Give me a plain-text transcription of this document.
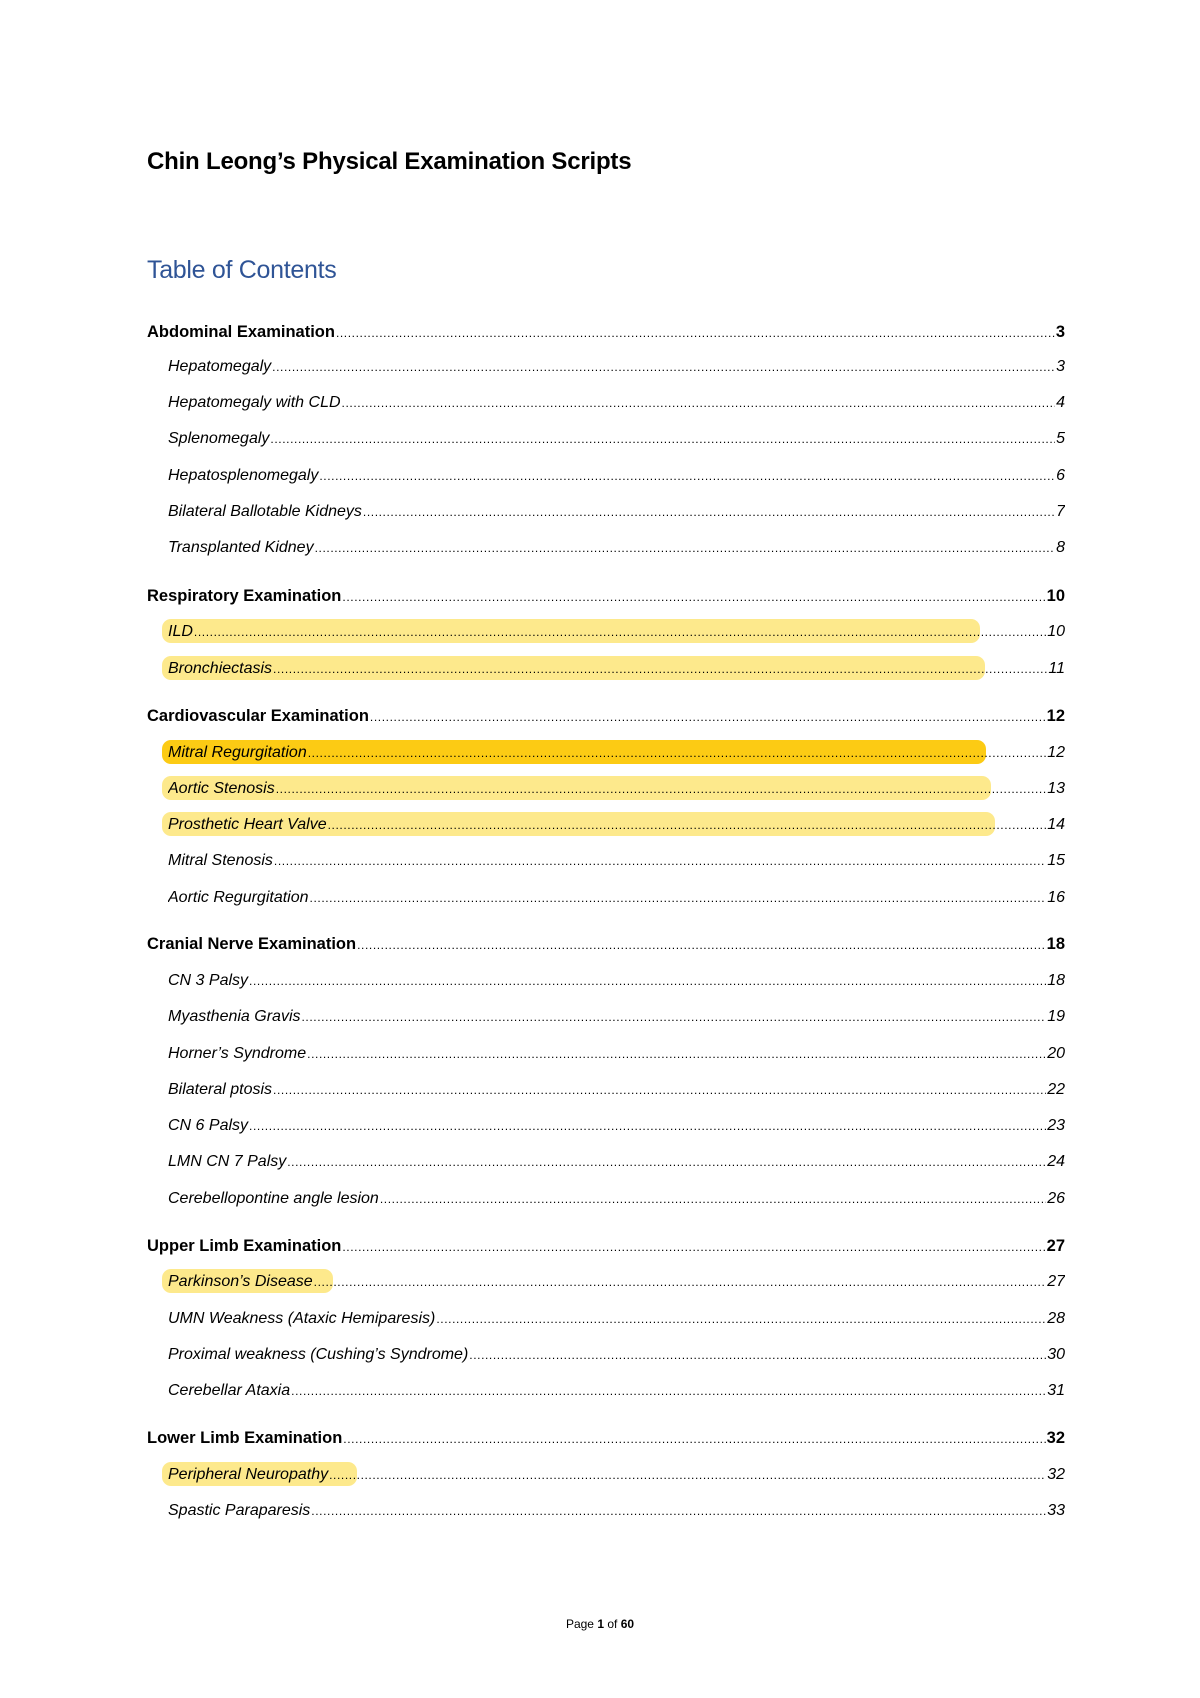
Chin Leong’s Physical Examination Scripts
Table of Contents
Abdominal Examination .....	3
Hepatomegaly .....	3
Hepatomegaly with CLD .....	4
Splenomegaly .....	5
Hepatosplenomegaly .....	6
Bilateral Ballotable Kidneys .....	7
Transplanted Kidney .....	8
Respiratory Examination .....	10
ILD .....	10
Bronchiectasis .....	11
Cardiovascular Examination .....	12
Mitral Regurgitation .....	12
Aortic Stenosis .....	13
Prosthetic Heart Valve .....	14
Mitral Stenosis .....	15
Aortic Regurgitation .....	16
Cranial Nerve Examination .....	18
CN 3 Palsy .....	18
Myasthenia Gravis .....	19
Horner’s Syndrome .....	20
Bilateral ptosis .....	22
CN 6 Palsy .....	23
LMN CN 7 Palsy .....	24
Cerebellopontine angle lesion .....	26
Upper Limb Examination .....	27
Parkinson’s Disease .....	27
UMN Weakness (Ataxic Hemiparesis) .....	28
Proximal weakness (Cushing’s Syndrome) .....	30
Cerebellar Ataxia .....	31
Lower Limb Examination .....	32
Peripheral Neuropathy .....	32
Spastic Paraparesis .....	33
Page 1 of 60
